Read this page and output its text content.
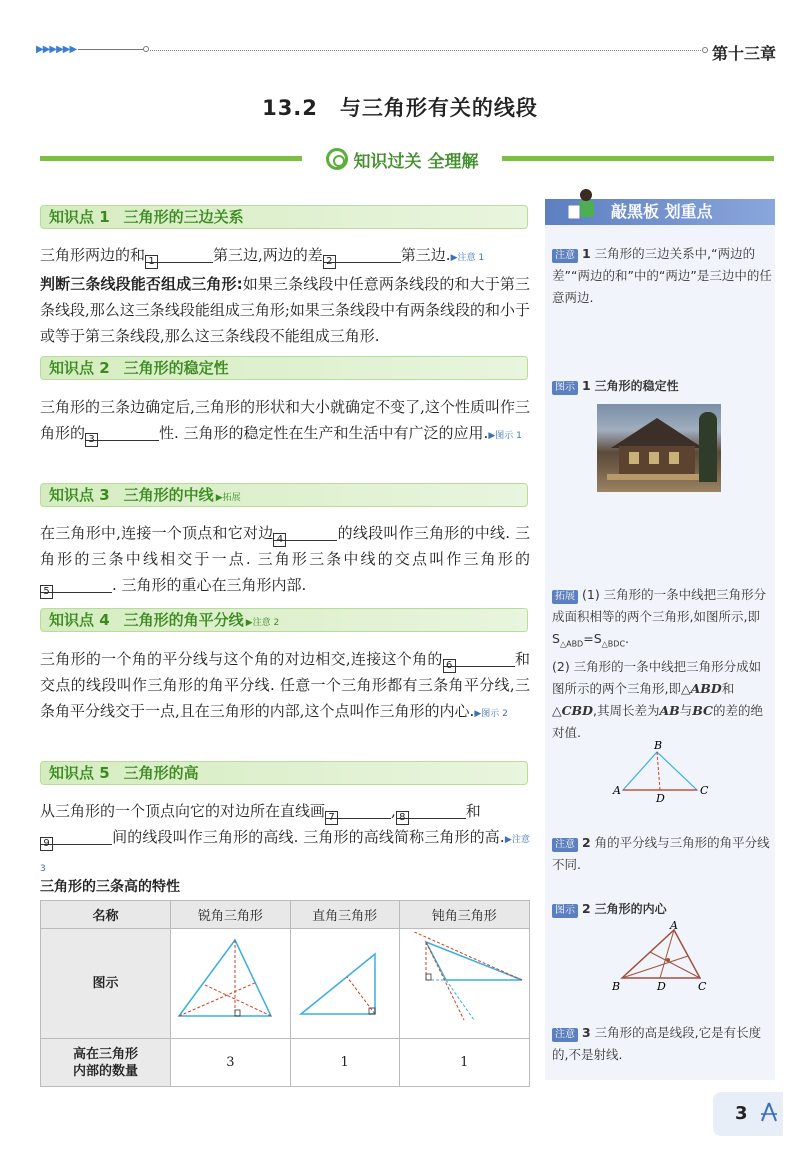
▶▶▶▶▶▶	第十三章
13.2 与三角形有关的线段
知识过关 全理解
知识点 1 三角形的三边关系
三角形两边的和 1	第三边,两边的差 2	第三边.▶注意 1
判断三条线段能否组成三角形:如果三条线段中任意两条线段的和大于第三条线段,那么这三条线段能组成三角形;如果三条线段中有两条线段的和小于或等于第三条线段,那么这三条线段不能组成三角形.
知识点 2 三角形的稳定性
三角形的三条边确定后,三角形的形状和大小就确定不变了,这个性质叫作三角形的 3	性. 三角形的稳定性在生产和生活中有广泛的应用.▶图示 1
知识点 3 三角形的中线 ▶拓展
在三角形中,连接一个顶点和它对边 4	的线段叫作三角形的中线. 三角形的三条中线相交于一点. 三角形三条中线的交点叫作三角形的5	. 三角形的重心在三角形内部.
知识点 4 三角形的角平分线 ▶注意 2
三角形的一个角的平分线与这个角的对边相交,连接这个角的 6	和交点的线段叫作三角形的角平分线. 任意一个三角形都有三条角平分线,三条角平分线交于一点,且在三角形的内部,这个点叫作三角形的内心.▶图示 2
知识点 5 三角形的高
从三角形的一个顶点向它的对边所在直线画 7	, 8	和
9	间的线段叫作三角形的高线. 三角形的高线简称三角形的高.▶注意 3
三角形的三条高的特性
名称	锐角三角形	直角三角形	钝角三角形
图示			
高在三角形
内部的数量	3	1	1
敲黑板 划重点
注意 1 三角形的三边关系中,“两边的差”“两边的和”中的“两边”是三边中的任意两边.
图示 1 三角形的稳定性
拓展 (1) 三角形的一条中线把三角形分成面积相等的两个三角形,如图所示,即 $S_{\triangle ABD}=S_{\triangle BDC}$.
(2) 三角形的一条中线把三角形分成如图所示的两个三角形,即△ABD和△CBD,其周长差为AB与BC的差的绝对值.
B
A	C
D
注意 2 角的平分线与三角形的角平分线不同.
图示 2 三角形的内心
A
B	C
D
注意 3 三角形的高是线段,它是有长度的,不是射线.
3
